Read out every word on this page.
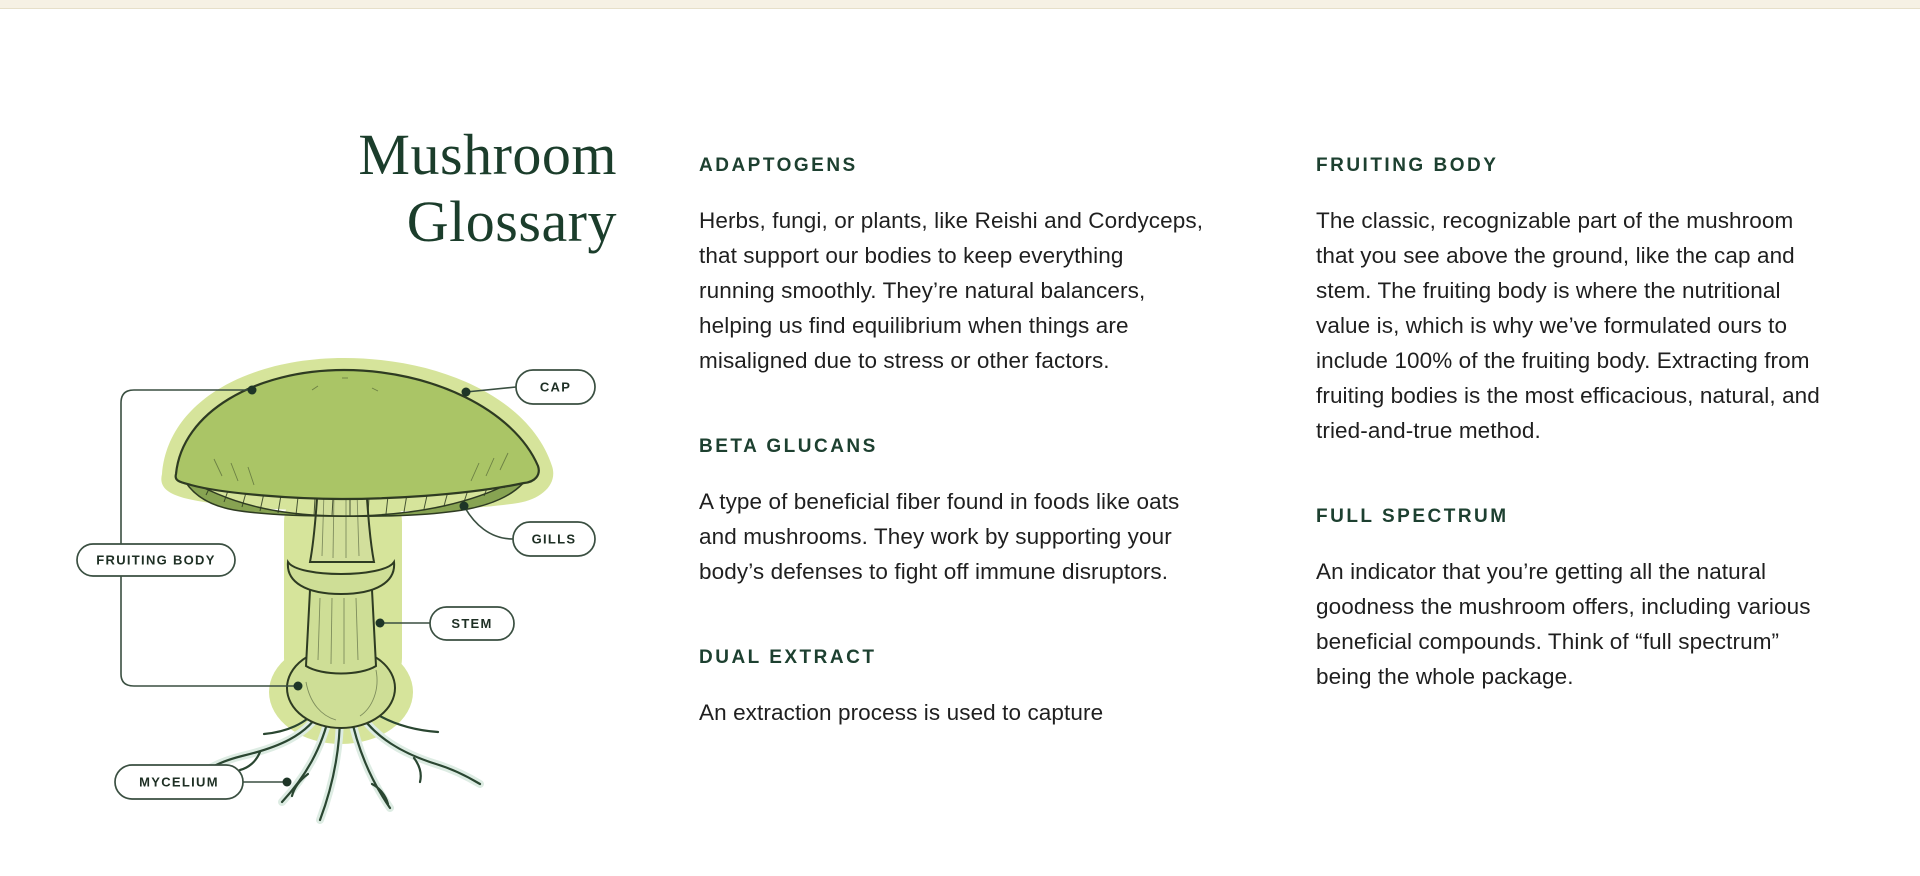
Mushroom
Glossary
CAP
GILLS
STEM
FRUITING BODY
MYCELIUM
ADAPTOGENS

Herbs, fungi, or plants, like Reishi and Cordyceps, that support our bodies to keep everything running smoothly. They’re natural balancers, helping us find equilibrium when things are misaligned due to stress or other factors.

BETA GLUCANS

A type of beneficial fiber found in foods like oats and mushrooms. They work by supporting your body’s defenses to fight off immune disruptors.

DUAL EXTRACT

An extraction process is used to capture

FRUITING BODY

The classic, recognizable part of the mushroom that you see above the ground, like the cap and stem. The fruiting body is where the nutritional value is, which is why we’ve formulated ours to include 100% of the fruiting body. Extracting from fruiting bodies is the most efficacious, natural, and tried-and-true method.

FULL SPECTRUM

An indicator that you’re getting all the natural goodness the mushroom offers, including various beneficial compounds. Think of “full spectrum” being the whole package.
